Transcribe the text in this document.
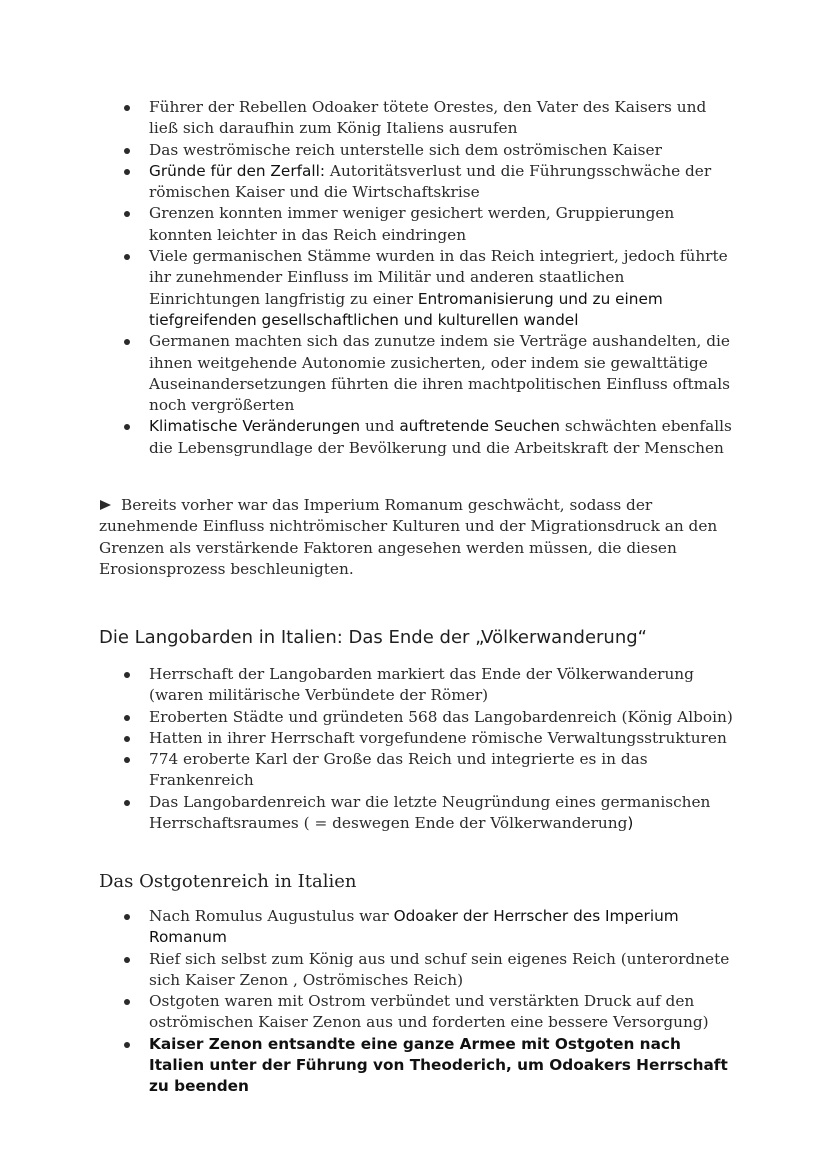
Führer der Rebellen Odoaker tötete Orestes, den Vater des Kaisers und ließ sich daraufhin zum König Italiens ausrufen
Das weströmische reich unterstelle sich dem oströmischen Kaiser
Gründe für den Zerfall: Autoritätsverlust und die Führungsschwäche der römischen Kaiser und die Wirtschaftskrise
Grenzen konnten immer weniger gesichert werden, Gruppierungen konnten leichter in das Reich eindringen
Viele germanischen Stämme wurden in das Reich integriert, jedoch führte ihr zunehmender Einfluss im Militär und anderen staatlichen Einrichtungen langfristig zu einer Entromanisierung und zu einem tiefgreifenden gesellschaftlichen und kulturellen wandel
Germanen machten sich das zunutze indem sie Verträge aushandelten, die ihnen weitgehende Autonomie zusicherten, oder indem sie gewalttätige Auseinandersetzungen führten die ihren machtpolitischen Einfluss oftmals noch vergrößerten
Klimatische Veränderungen und auftretende Seuchen schwächten ebenfalls die Lebensgrundlage der Bevölkerung und die Arbeitskraft der Menschen
Bereits vorher war das Imperium Romanum geschwächt, sodass der zunehmende Einfluss nichtrömischer Kulturen und der Migrationsdruck an den Grenzen als verstärkende Faktoren angesehen werden müssen, die diesen Erosionsprozess beschleunigten.
Die Langobarden in Italien: Das Ende der „Völkerwanderung“
Herrschaft der Langobarden markiert das Ende der Völkerwanderung (waren militärische Verbündete der Römer)
Eroberten Städte und gründeten 568 das Langobardenreich (König Alboin)
Hatten in ihrer Herrschaft vorgefundene römische Verwaltungsstrukturen
774 eroberte Karl der Große das Reich und integrierte es in das Frankenreich
Das Langobardenreich war die letzte Neugründung eines germanischen Herrschaftsraumes ( = deswegen Ende der Völkerwanderung)
Das Ostgotenreich in Italien
Nach Romulus Augustulus war Odoaker der Herrscher des Imperium Romanum
Rief sich selbst zum König aus und schuf sein eigenes Reich (unterordnete sich Kaiser Zenon , Oströmisches Reich)
Ostgoten waren mit Ostrom verbündet und verstärkten Druck auf den oströmischen Kaiser Zenon aus und forderten eine bessere Versorgung)
Kaiser Zenon entsandte eine ganze Armee mit Ostgoten nach Italien unter der Führung von Theoderich, um Odoakers Herrschaft zu beenden
